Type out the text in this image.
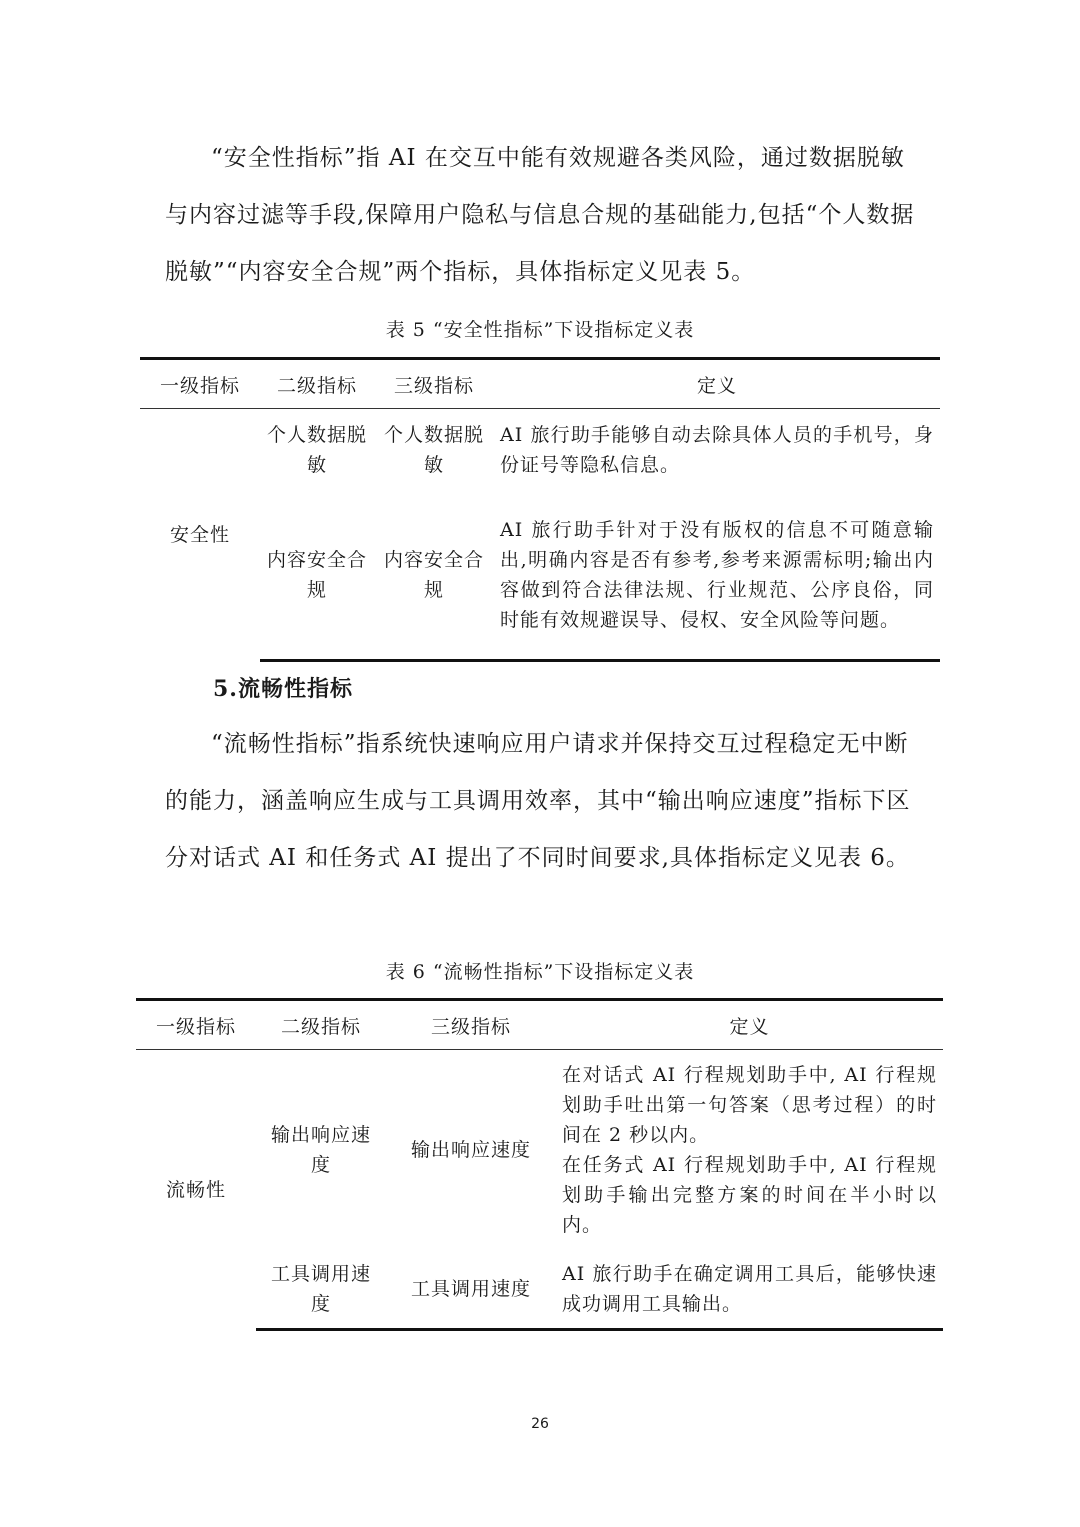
“安全性指标”指 AI 在交互中能有效规避各类风险，通过数据脱敏与内容过滤等手段,保障用户隐私与信息合规的基础能力,包括“个人数据脱敏”“内容安全合规”两个指标，具体指标定义见表 5。

表 5 “安全性指标”下设指标定义表

一级指标	二级指标	三级指标	定义
安全性	个人数据脱敏	个人数据脱敏	AI 旅行助手能够自动去除具体人员的手机号，身份证号等隐私信息。
	内容安全合规	内容安全合规	AI 旅行助手针对于没有版权的信息不可随意输出,明确内容是否有参考,参考来源需标明;输出内容做到符合法律法规、行业规范、公序良俗，同时能有效规避误导、侵权、安全风险等问题。

5.流畅性指标

“流畅性指标”指系统快速响应用户请求并保持交互过程稳定无中断的能力，涵盖响应生成与工具调用效率，其中“输出响应速度”指标下区分对话式 AI 和任务式 AI 提出了不同时间要求,具体指标定义见表 6。

表 6 “流畅性指标”下设指标定义表

一级指标	二级指标	三级指标	定义
流畅性	输出响应速度	输出响应速度	在对话式 AI 行程规划助手中, AI 行程规划助手吐出第一句答案（思考过程）的时间在 2 秒以内。
在任务式 AI 行程规划助手中, AI 行程规划助手输出完整方案的时间在半小时以内。

	工具调用速度	工具调用速度	AI 旅行助手在确定调用工具后，能够快速成功调用工具输出。
26
